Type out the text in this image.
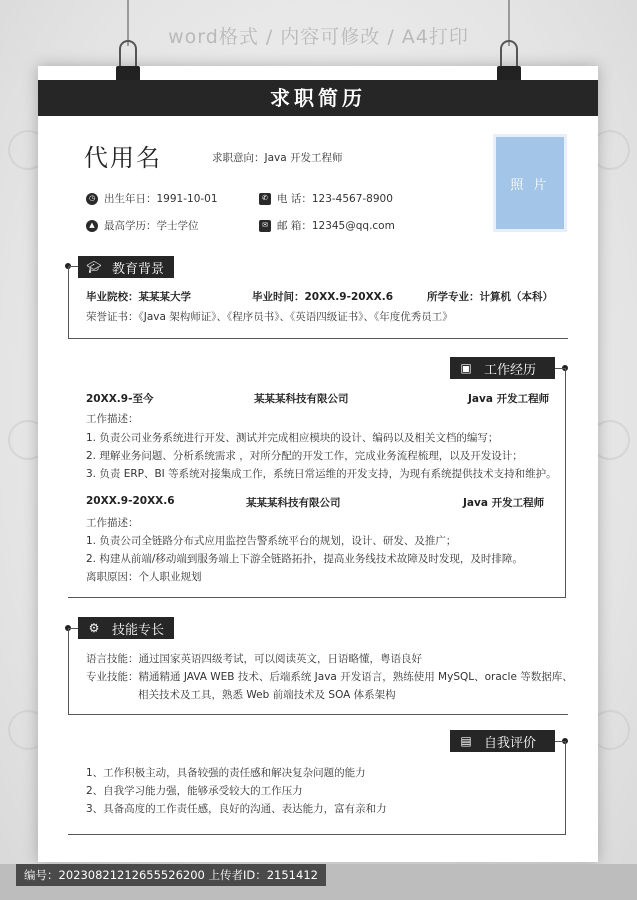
word格式 / 内容可修改 / A4打印
求职简历
代用名	求职意向：Java 开发工程师
照 片
◷ 出生年日：1991-10-01	✆ 电 话：123-4567-8900
▲ 最高学历：学士学位	✉ 邮 箱：12345@qq.com
🎓︎ 教育背景
毕业院校：某某某大学	毕业时间：20XX.9-20XX.6	所学专业：计算机（本科）
荣誉证书：《Java 架构师证》、《程序员书》、《英语四级证书》、《年度优秀员工》
▣ 工作经历
20XX.9-至今	某某某科技有限公司	Java 开发工程师
工作描述：
1. 负责公司业务系统进行开发、测试并完成相应模块的设计、编码以及相关文档的编写；
2. 理解业务问题、分析系统需求 ，对所分配的开发工作，完成业务流程梳理，以及开发设计；
3. 负责 ERP、BI 等系统对接集成工作，系统日常运维的开发支持，为现有系统提供技术支持和维护。
20XX.9-20XX.6	某某某科技有限公司	Java 开发工程师
工作描述：
1. 负责公司全链路分布式应用监控告警系统平台的规划，设计、研发、及推广；
2. 构建从前端/移动端到服务端上下游全链路拓扑，提高业务线技术故障及时发现，及时排障。
离职原因：个人职业规划
⚙ 技能专长
语言技能：通过国家英语四级考试，可以阅读英文，日语略懂，粤语良好
专业技能：精通精通 JAVA WEB 技术、后端系统 Java 开发语言，熟练使用 MySQL、oracle 等数据库、
相关技术及工具，熟悉 Web 前端技术及 SOA 体系架构
▤ 自我评价
1、工作积极主动，具备较强的责任感和解决复杂问题的能力
2、自我学习能力强，能够承受较大的工作压力
3、具备高度的工作责任感，良好的沟通、表达能力，富有亲和力
编号：20230821212655526200 上传者ID：2151412
